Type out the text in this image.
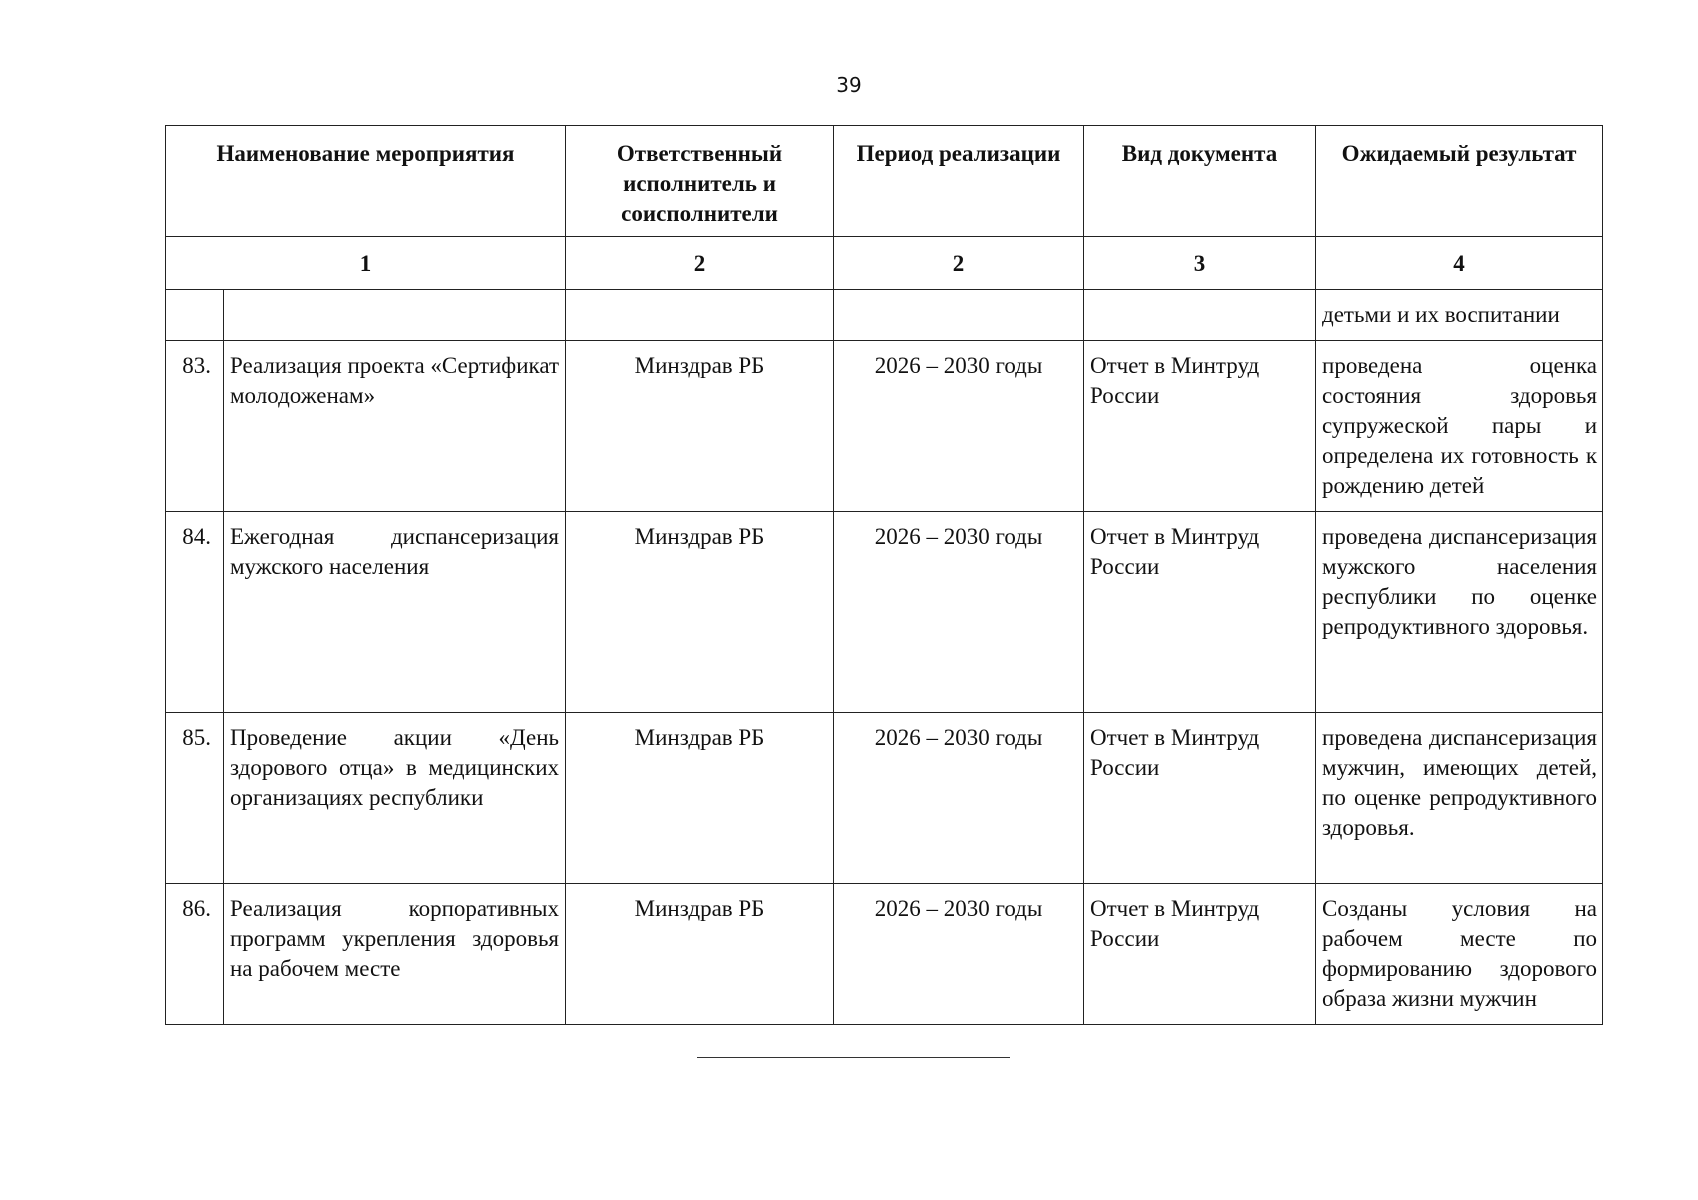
39
Наименование мероприятия		Ответственный исполнитель и соисполнители	Период реализации	Вид документа	Ожидаемый результат
1		2	2	3	4
					детьми и их воспитании
83.	Реализация проекта «Сертификат молодоженам»	Минздрав РБ	2026 – 2030 годы	Отчет в Минтруд России	проведена оценка состояния здоровья супружеской пары и определена их готовность к рождению детей
84.	Ежегодная диспансеризация мужского населения	Минздрав РБ	2026 – 2030 годы	Отчет в Минтруд России	проведена диспансеризация мужского населения республики по оценке репродуктивного здоровья.
85.	Проведение акции «День здорового отца» в медицинских организациях республики	Минздрав РБ	2026 – 2030 годы	Отчет в Минтруд России	проведена диспансеризация мужчин, имеющих детей, по оценке репродуктивного здоровья.
86.	Реализация корпоративных программ укрепления здоровья на рабочем месте	Минздрав РБ	2026 – 2030 годы	Отчет в Минтруд России	Созданы условия на рабочем месте по формированию здорового образа жизни мужчин
